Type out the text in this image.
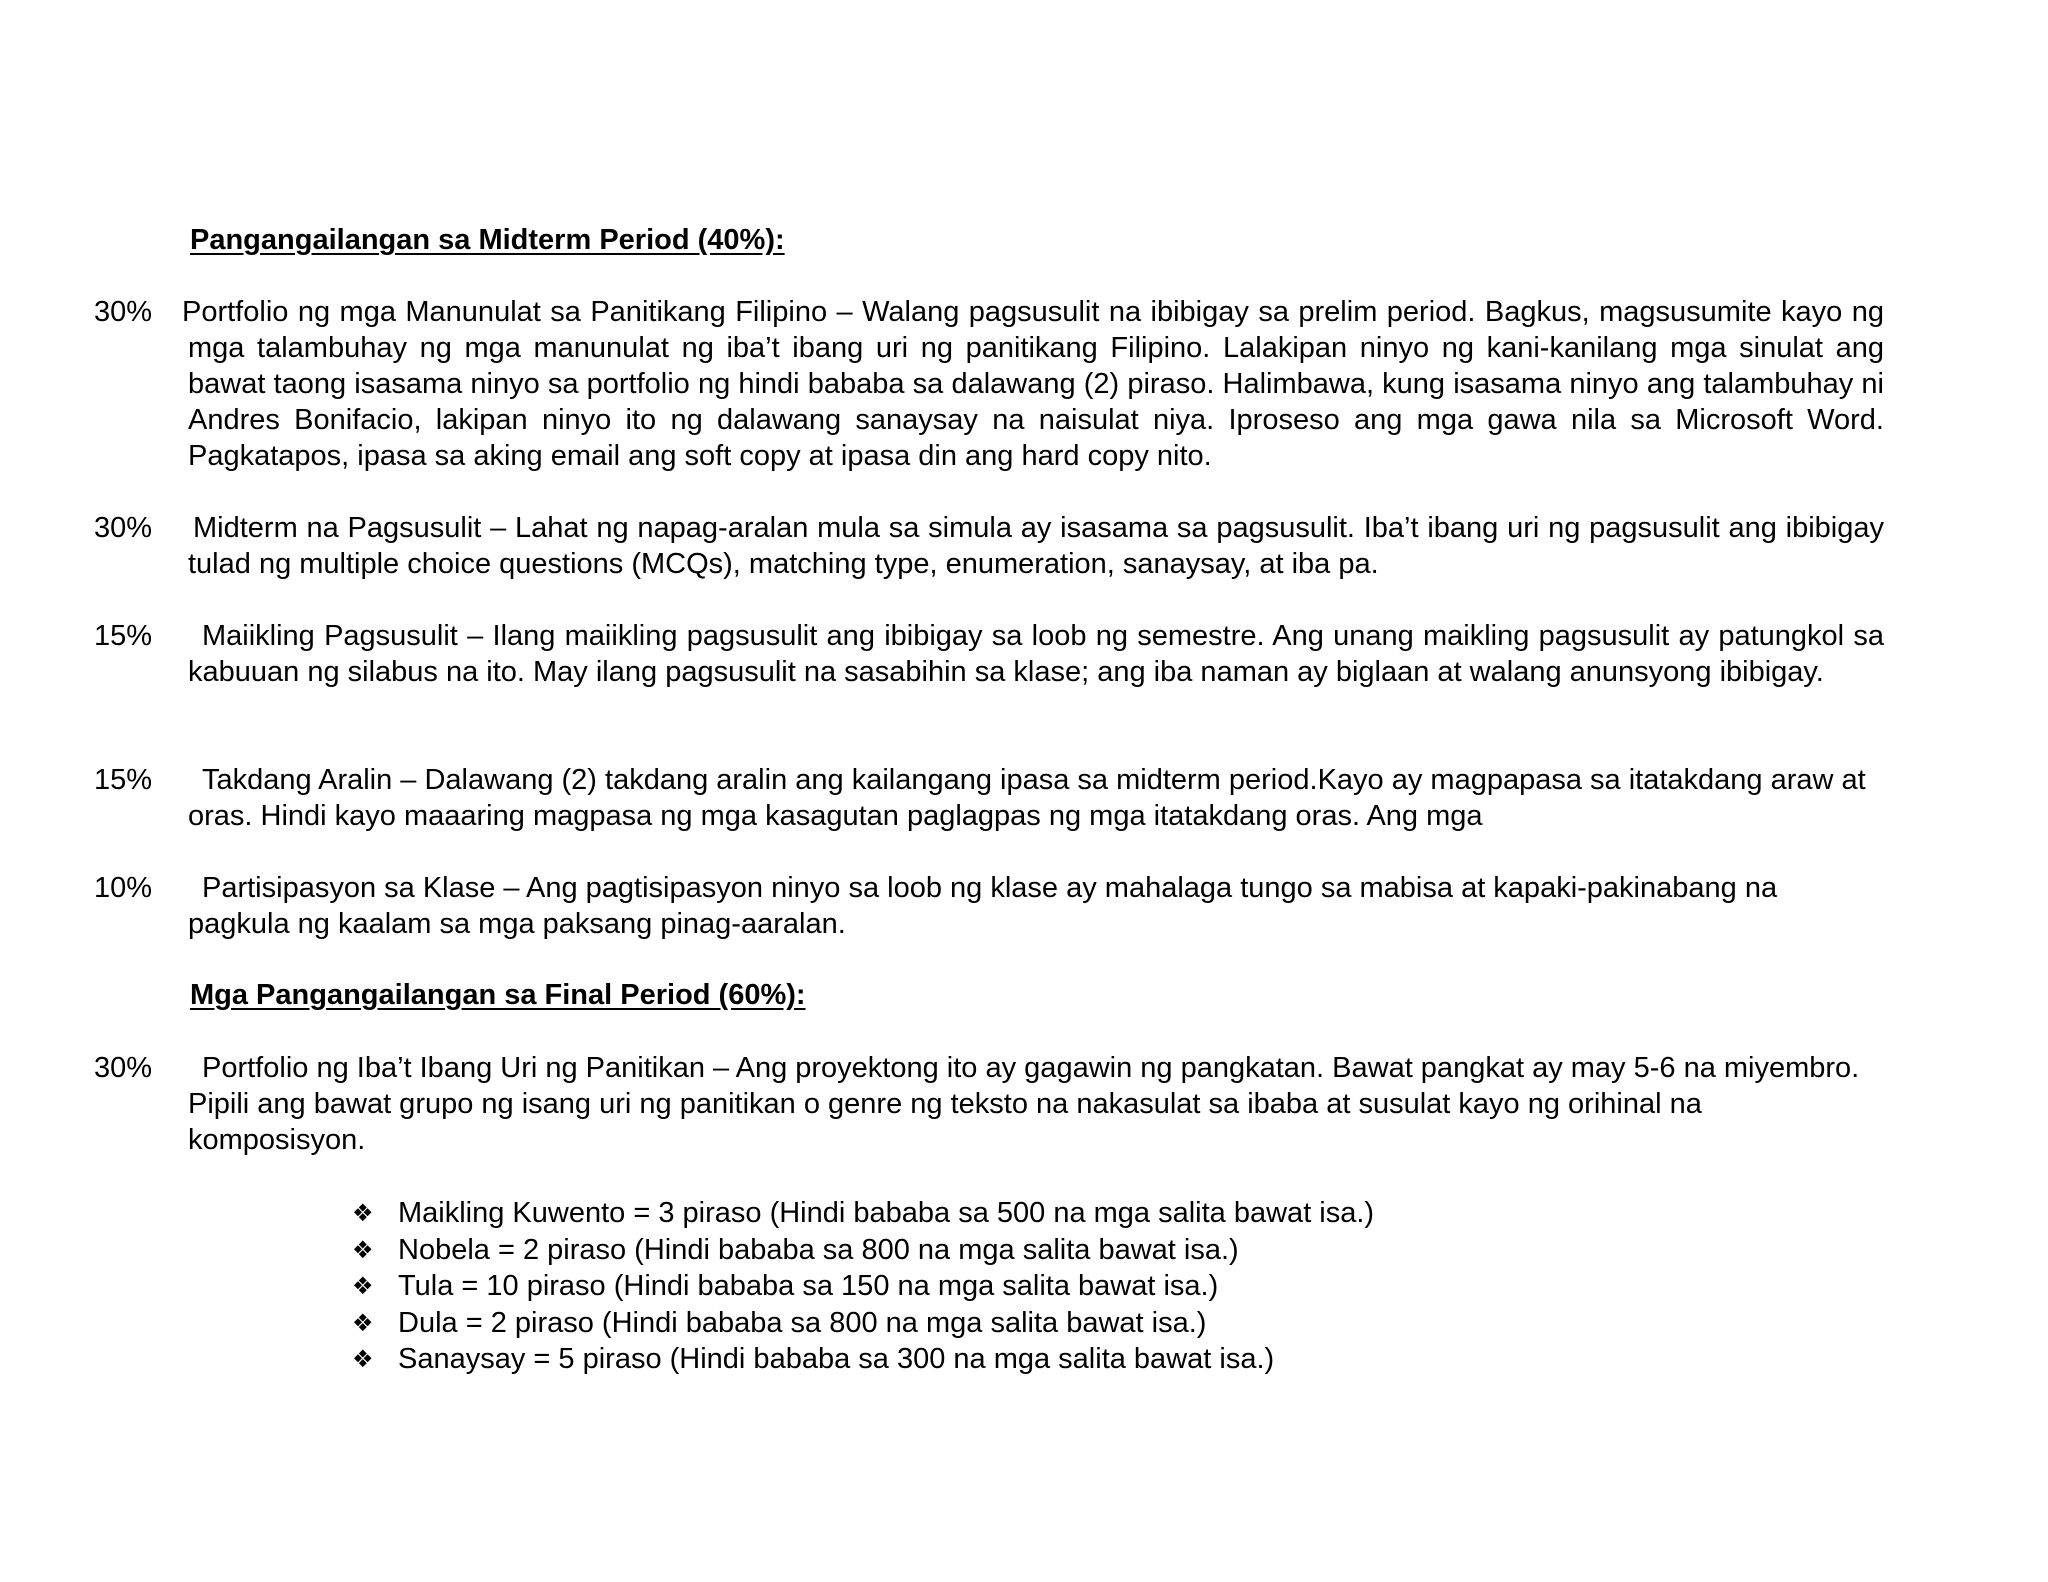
Pangangailangan sa Midterm Period (40%):
30% Portfolio ng mga Manunulat sa Panitikang Filipino – Walang pagsusulit na ibibigay sa prelim period. Bagkus, magsusumite kayo ng mga talambuhay ng mga manunulat ng iba’t ibang uri ng panitikang Filipino. Lalakipan ninyo ng kani-kanilang mga sinulat ang bawat taong isasama ninyo sa portfolio ng hindi bababa sa dalawang (2) piraso. Halimbawa, kung isasama ninyo ang talambuhay ni Andres Bonifacio, lakipan ninyo ito ng dalawang sanaysay na naisulat niya. Iproseso ang mga gawa nila sa Microsoft Word. Pagkatapos, ipasa sa aking email ang soft copy at ipasa din ang hard copy nito.
30% Midterm na Pagsusulit – Lahat ng napag-aralan mula sa simula ay isasama sa pagsusulit. Iba’t ibang uri ng pagsusulit ang ibibigay tulad ng multiple choice questions (MCQs), matching type, enumeration, sanaysay, at iba pa.
15%	Maiikling Pagsusulit – Ilang maiikling pagsusulit ang ibibigay sa loob ng semestre. Ang unang maikling pagsusulit ay patungkol sa kabuuan ng silabus na ito. May ilang pagsusulit na sasabihin sa klase; ang iba naman ay biglaan at walang anunsyong ibibigay.
15%	Takdang Aralin – Dalawang (2) takdang aralin ang kailangang ipasa sa midterm period.Kayo ay magpapasa sa itatakdang araw at oras. Hindi kayo maaaring magpasa ng mga kasagutan paglagpas ng mga itatakdang oras. Ang mga
10%	Partisipasyon sa Klase – Ang pagtisipasyon ninyo sa loob ng klase ay mahalaga tungo sa mabisa at kapaki-pakinabang na pagkula ng kaalam sa mga paksang pinag-aaralan.
Mga Pangangailangan sa Final Period (60%):
30%	Portfolio ng Iba’t Ibang Uri ng Panitikan – Ang proyektong ito ay gagawin ng pangkatan. Bawat pangkat ay may 5-6 na miyembro. Pipili ang bawat grupo ng isang uri ng panitikan o genre ng teksto na nakasulat sa ibaba at susulat kayo ng orihinal na komposisyon.
❖ Maikling Kuwento = 3 piraso (Hindi bababa sa 500 na mga salita bawat isa.)
❖ Nobela = 2 piraso (Hindi bababa sa 800 na mga salita bawat isa.)
❖ Tula = 10 piraso (Hindi bababa sa 150 na mga salita bawat isa.)
❖ Dula = 2 piraso (Hindi bababa sa 800 na mga salita bawat isa.)
❖ Sanaysay = 5 piraso (Hindi bababa sa 300 na mga salita bawat isa.)
